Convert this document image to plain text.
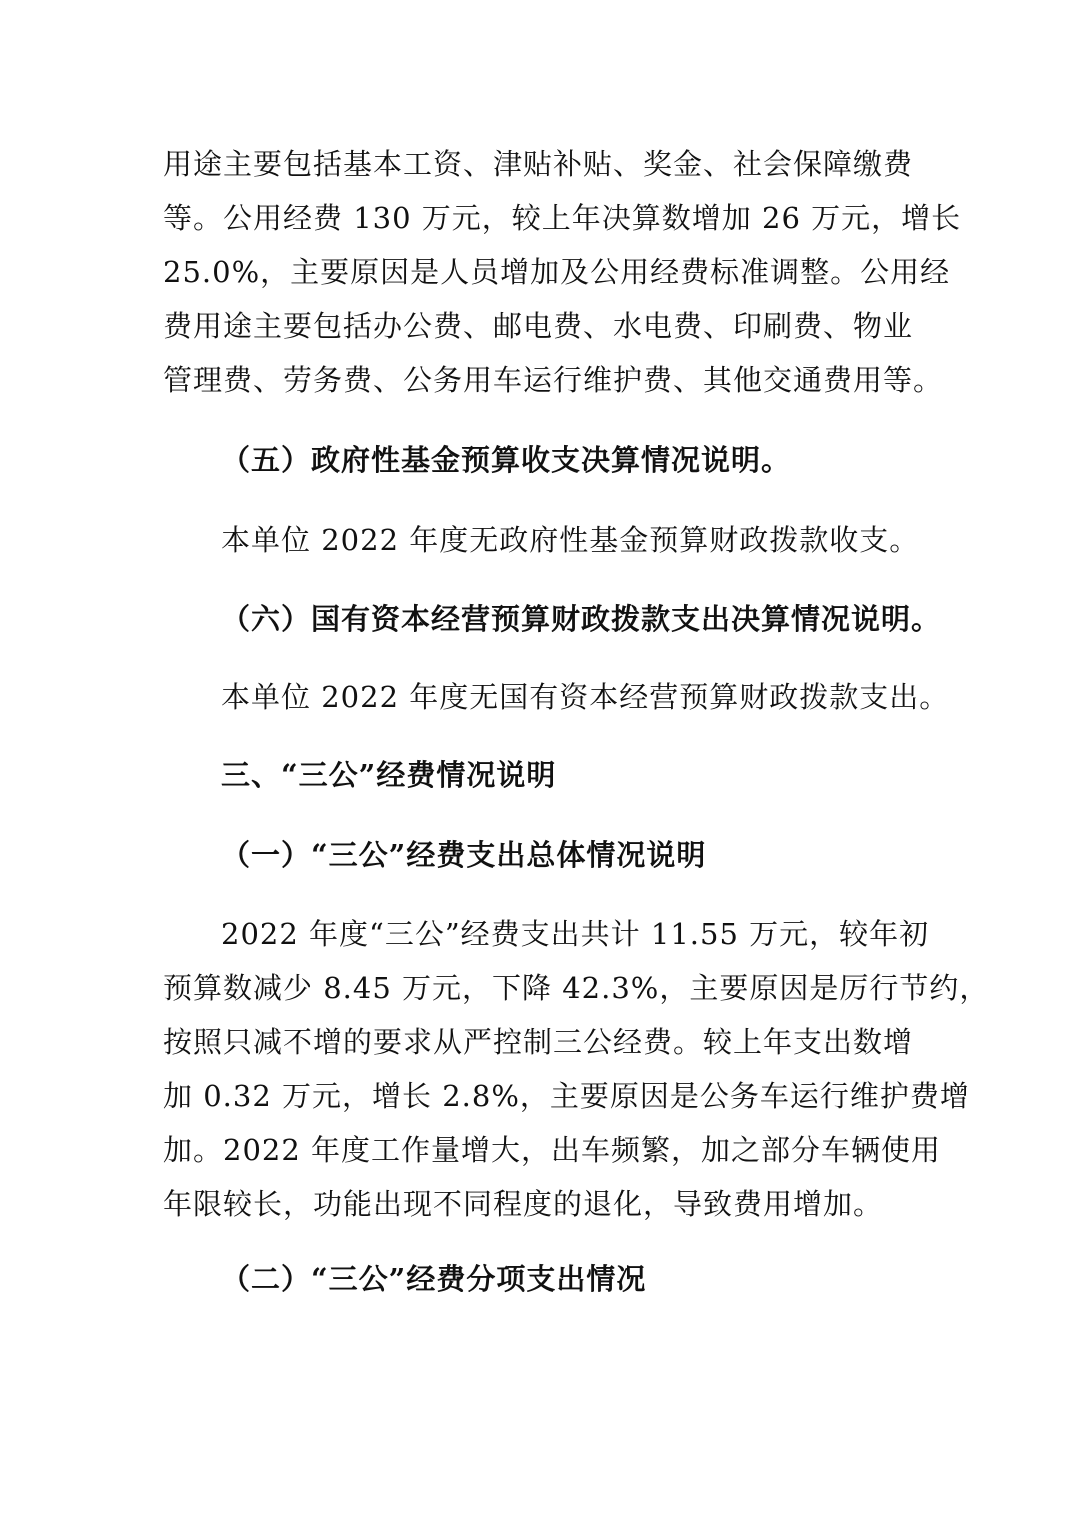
用途主要包括基本工资、津贴补贴、奖金、社会保障缴费
等。公用经费 130 万元，较上年决算数增加 26 万元，增长
25.0%，主要原因是人员增加及公用经费标准调整。公用经
费用途主要包括办公费、邮电费、水电费、印刷费、物业
管理费、劳务费、公务用车运行维护费、其他交通费用等。
（五）政府性基金预算收支决算情况说明。
本单位 2022 年度无政府性基金预算财政拨款收支。
（六）国有资本经营预算财政拨款支出决算情况说明。
本单位 2022 年度无国有资本经营预算财政拨款支出。
三、“三公”经费情况说明
（一）“三公”经费支出总体情况说明
2022 年度“三公”经费支出共计 11.55 万元，较年初
预算数减少 8.45 万元，下降 42.3%，主要原因是厉行节约，
按照只减不增的要求从严控制三公经费。较上年支出数增
加 0.32 万元，增长 2.8%，主要原因是公务车运行维护费增
加。2022 年度工作量增大，出车频繁，加之部分车辆使用
年限较长，功能出现不同程度的退化，导致费用增加。
（二）“三公”经费分项支出情况
